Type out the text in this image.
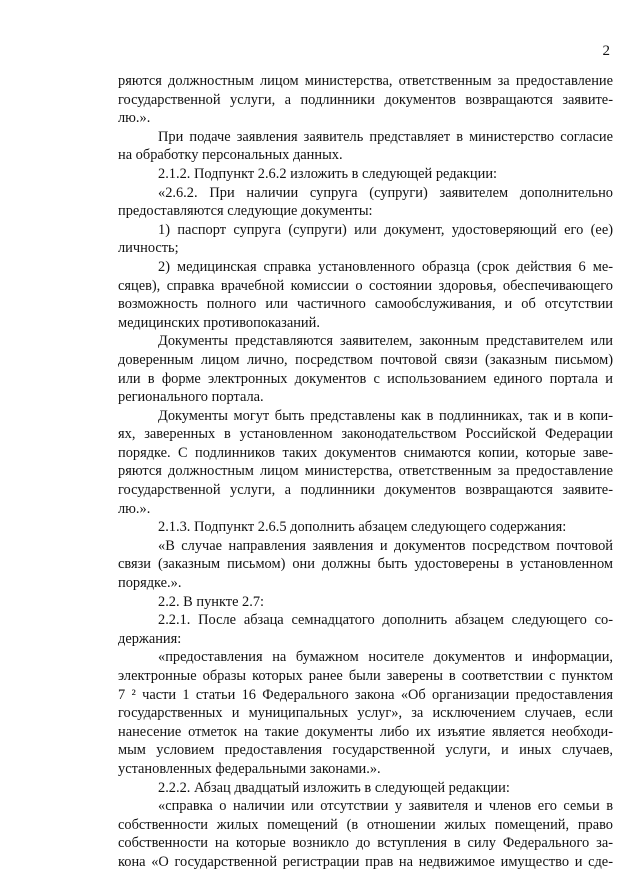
2
ряются должностным лицом министерства, ответственным за предоставление
государственной услуги, а подлинники документов возвращаются заявите-
лю.».
При подаче заявления заявитель представляет в министерство согласие
на обработку персональных данных.
2.1.2. Подпункт 2.6.2 изложить в следующей редакции:
«2.6.2. При наличии супруга (супруги) заявителем дополнительно
предоставляются следующие документы:
1) паспорт супруга (супруги) или документ, удостоверяющий его (ее)
личность;
2) медицинская справка установленного образца (срок действия 6 ме-
сяцев), справка врачебной комиссии о состоянии здоровья, обеспечивающего
возможность полного или частичного самообслуживания, и об отсутствии
медицинских противопоказаний.
Документы представляются заявителем, законным представителем или
доверенным лицом лично, посредством почтовой связи (заказным письмом)
или в форме электронных документов с использованием единого портала и
регионального портала.
Документы могут быть представлены как в подлинниках, так и в копи-
ях, заверенных в установленном законодательством Российской Федерации
порядке. С подлинников таких документов снимаются копии, которые заве-
ряются должностным лицом министерства, ответственным за предоставление
государственной услуги, а подлинники документов возвращаются заявите-
лю.».
2.1.3. Подпункт 2.6.5 дополнить абзацем следующего содержания:
«В случае направления заявления и документов посредством почтовой
связи (заказным письмом) они должны быть удостоверены в установленном
порядке.».
2.2. В пункте 2.7:
2.2.1. После абзаца семнадцатого дополнить абзацем следующего со-
держания:
«предоставления на бумажном носителе документов и информации,
электронные образы которых ранее были заверены в соответствии с пунктом
7 ² части 1 статьи 16 Федерального закона «Об организации предоставления
государственных и муниципальных услуг», за исключением случаев, если
нанесение отметок на такие документы либо их изъятие является необходи-
мым условием предоставления государственной услуги, и иных случаев,
установленных федеральными законами.».
2.2.2. Абзац двадцатый изложить в следующей редакции:
«справка о наличии или отсутствии у заявителя и членов его семьи в
собственности жилых помещений (в отношении жилых помещений, право
собственности на которые возникло до вступления в силу Федерального за-
кона «О государственной регистрации прав на недвижимое имущество и сде-
